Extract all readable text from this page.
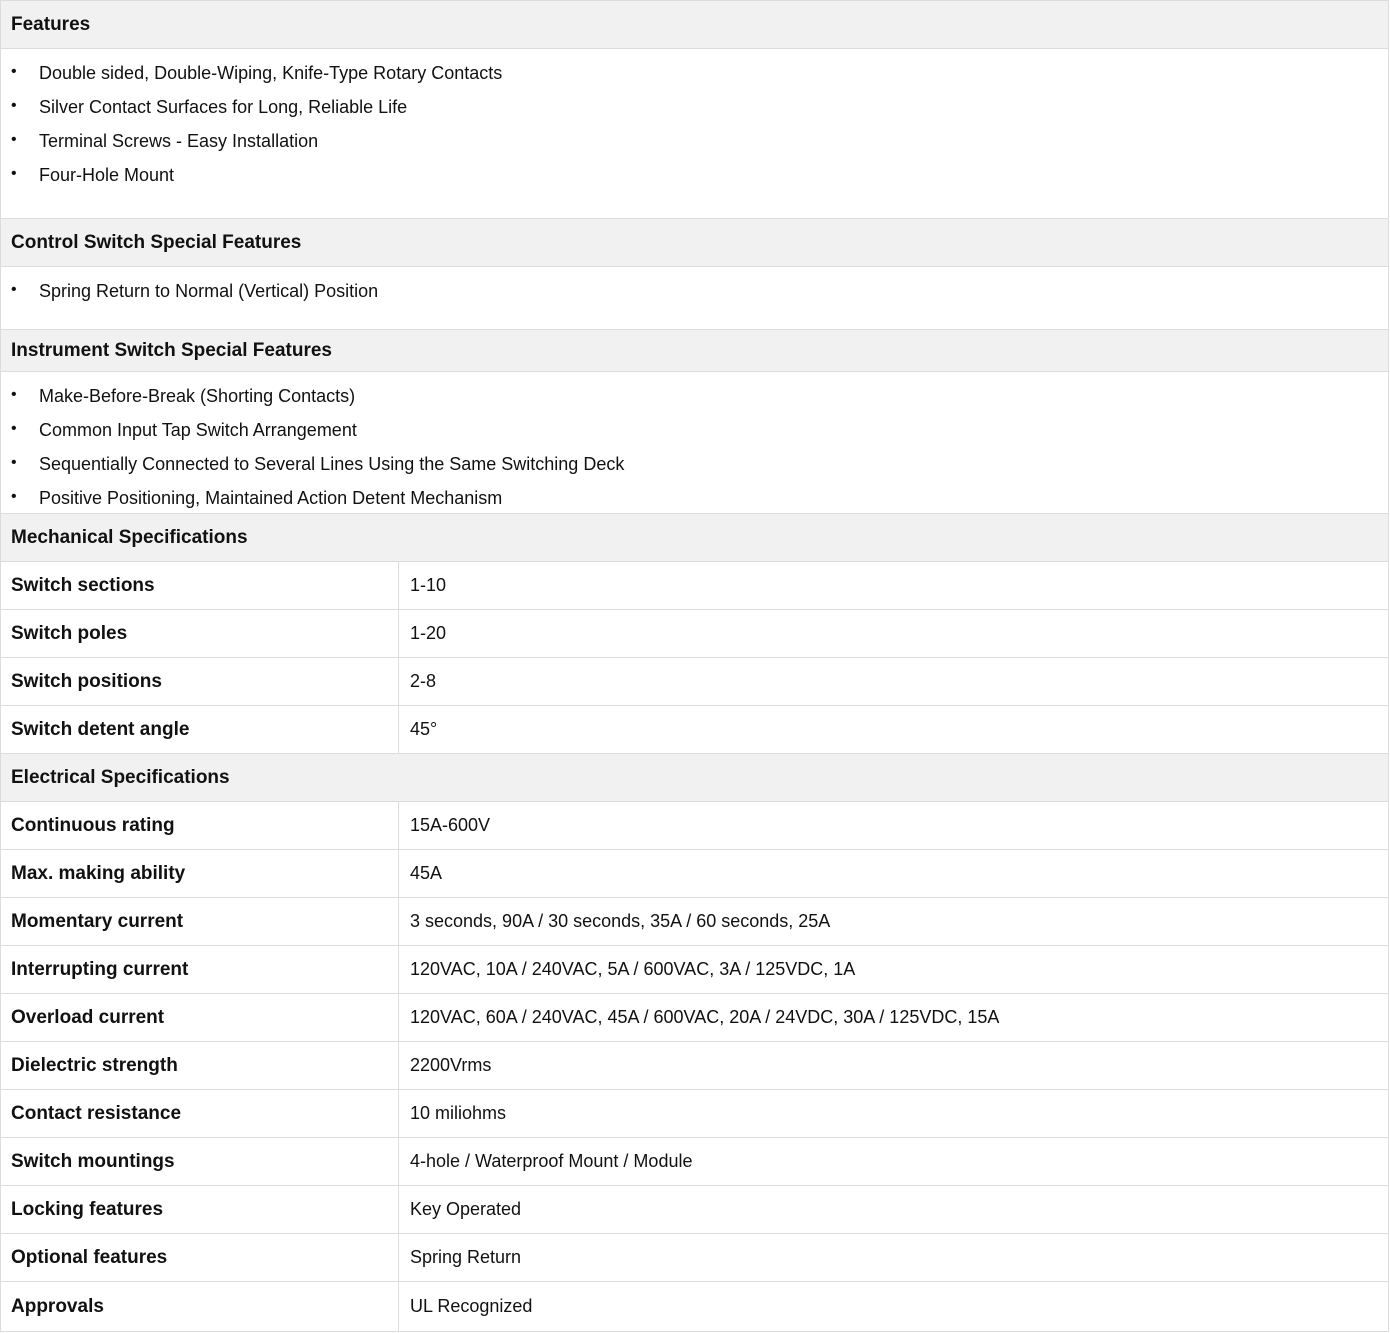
Features
•	Double sided, Double-Wiping, Knife-Type Rotary Contacts
•	Silver Contact Surfaces for Long, Reliable Life
•	Terminal Screws - Easy Installation
•	Four-Hole Mount
Control Switch Special Features
•	Spring Return to Normal (Vertical) Position
Instrument Switch Special Features
•	Make-Before-Break (Shorting Contacts)
•	Common Input Tap Switch Arrangement
•	Sequentially Connected to Several Lines Using the Same Switching Deck
•	Positive Positioning, Maintained Action Detent Mechanism
Mechanical Specifications
Switch sections	1-10
Switch poles	1-20
Switch positions	2-8
Switch detent angle	45°
Electrical Specifications
Continuous rating	15A-600V
Max. making ability	45A
Momentary current	3 seconds, 90A / 30 seconds, 35A / 60 seconds, 25A
Interrupting current	120VAC, 10A / 240VAC, 5A / 600VAC, 3A / 125VDC, 1A
Overload current	120VAC, 60A / 240VAC, 45A / 600VAC, 20A / 24VDC, 30A / 125VDC, 15A
Dielectric strength	2200Vrms
Contact resistance	10 miliohms
Switch mountings	4-hole / Waterproof Mount / Module
Locking features	Key Operated
Optional features	Spring Return
Approvals	UL Recognized
